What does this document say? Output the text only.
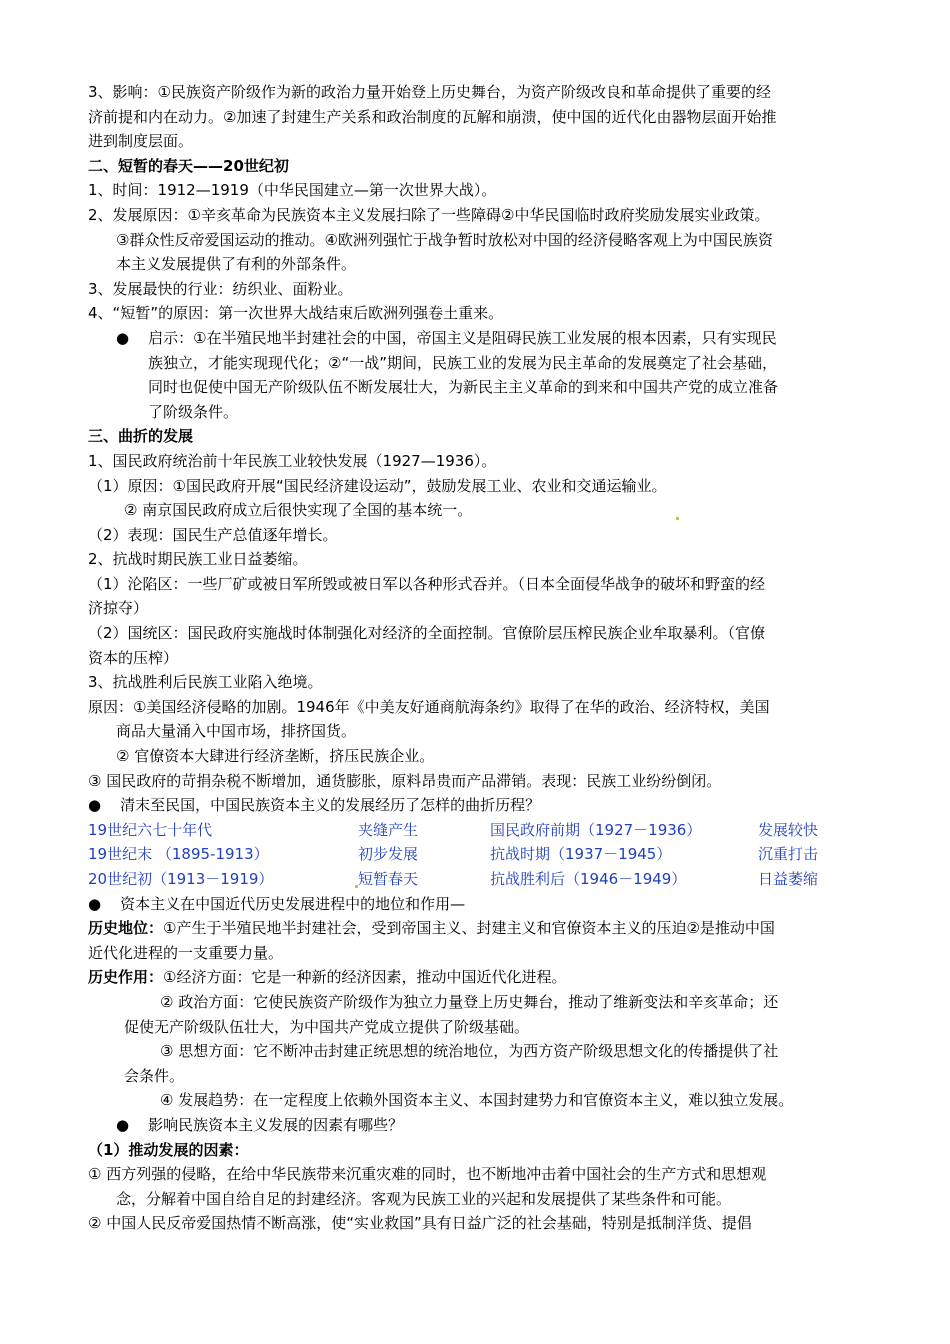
3、影响：①民族资产阶级作为新的政治力量开始登上历史舞台，为资产阶级改良和革命提供了重要的经

济前提和内在动力。②加速了封建生产关系和政治制度的瓦解和崩溃，使中国的近代化由器物层面开始推

进到制度层面。

二、短暂的春天——20世纪初

1、时间：1912—1919（中华民国建立—第一次世界大战）。

2、发展原因：①辛亥革命为民族资本主义发展扫除了一些障碍②中华民国临时政府奖励发展实业政策。

③群众性反帝爱国运动的推动。④欧洲列强忙于战争暂时放松对中国的经济侵略客观上为中国民族资

本主义发展提供了有利的外部条件。

3、发展最快的行业：纺织业、面粉业。

4、“短暂”的原因：第一次世界大战结束后欧洲列强卷土重来。

● 启示：①在半殖民地半封建社会的中国，帝国主义是阻碍民族工业发展的根本因素，只有实现民

族独立，才能实现现代化；②“一战”期间，民族工业的发展为民主革命的发展奠定了社会基础，

同时也促使中国无产阶级队伍不断发展壮大，为新民主主义革命的到来和中国共产党的成立准备

了阶级条件。

三、曲折的发展

1、国民政府统治前十年民族工业较快发展（1927—1936）。

（1）原因：①国民政府开展“国民经济建设运动”，鼓励发展工业、农业和交通运输业。

② 南京国民政府成立后很快实现了全国的基本统一。

（2）表现：国民生产总值逐年增长。

2、抗战时期民族工业日益萎缩。

（1）沦陷区：一些厂矿或被日军所毁或被日军以各种形式吞并。（日本全面侵华战争的破坏和野蛮的经

济掠夺）

（2）国统区：国民政府实施战时体制强化对经济的全面控制。官僚阶层压榨民族企业牟取暴利。（官僚

资本的压榨）

3、抗战胜利后民族工业陷入绝境。

原因：①美国经济侵略的加剧。1946年《中美友好通商航海条约》取得了在华的政治、经济特权，美国

商品大量涌入中国市场，排挤国货。

② 官僚资本大肆进行经济垄断，挤压民族企业。

③ 国民政府的苛捐杂税不断增加，通货膨胀，原料昂贵而产品滞销。表现：民族工业纷纷倒闭。

● 清末至民国，中国民族资本主义的发展经历了怎样的曲折历程？

19世纪六七十年代	夹缝产生	国民政府前期（1927－1936）	发展较快
19世纪末 （1895-1913）	初步发展	抗战时期（1937－1945）	沉重打击
20世纪初（1913－1919）	短暂春天	抗战胜利后（1946－1949）	日益萎缩

● 资本主义在中国近代历史发展进程中的地位和作用—

历史地位：①产生于半殖民地半封建社会，受到帝国主义、封建主义和官僚资本主义的压迫②是推动中国

近代化进程的一支重要力量。

历史作用：①经济方面：它是一种新的经济因素，推动中国近代化进程。

② 政治方面：它使民族资产阶级作为独立力量登上历史舞台，推动了维新变法和辛亥革命；还

促使无产阶级队伍壮大，为中国共产党成立提供了阶级基础。

③ 思想方面：它不断冲击封建正统思想的统治地位，为西方资产阶级思想文化的传播提供了社

会条件。

④ 发展趋势：在一定程度上依赖外国资本主义、本国封建势力和官僚资本主义，难以独立发展。

● 影响民族资本主义发展的因素有哪些？

（1）推动发展的因素：

① 西方列强的侵略，在给中华民族带来沉重灾难的同时，也不断地冲击着中国社会的生产方式和思想观

念，分解着中国自给自足的封建经济。客观为民族工业的兴起和发展提供了某些条件和可能。

② 中国人民反帝爱国热情不断高涨，使“实业救国”具有日益广泛的社会基础，特别是抵制洋货、提倡
